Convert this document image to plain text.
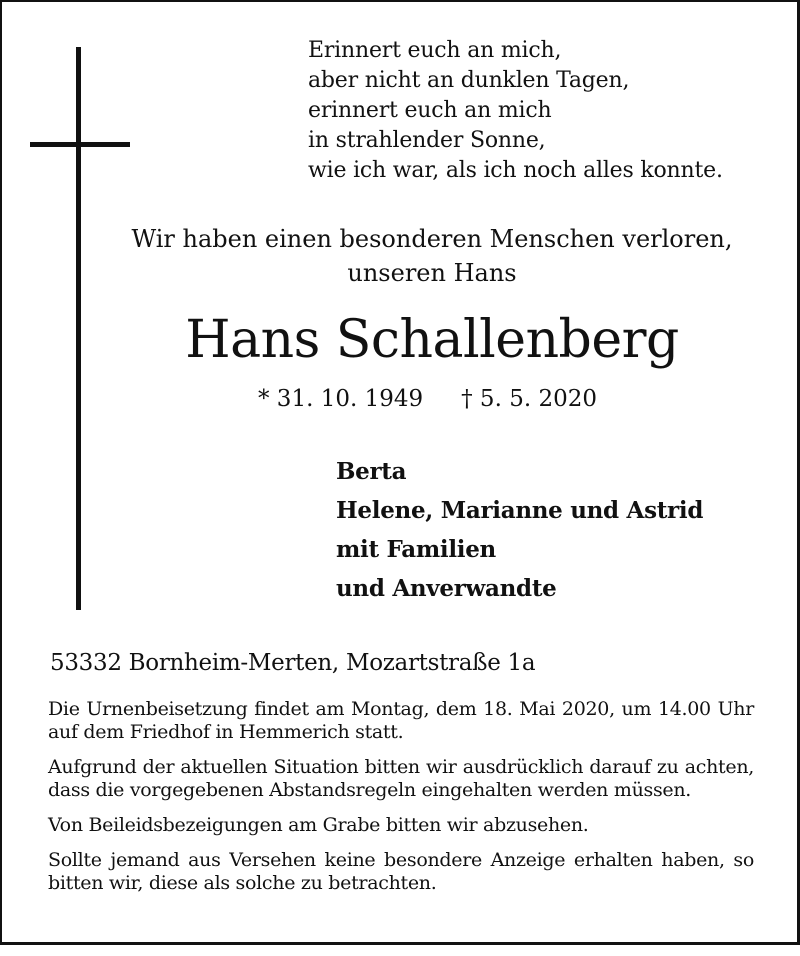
Erinnert euch an mich,
aber nicht an dunklen Tagen,
erinnert euch an mich
in strahlender Sonne,
wie ich war, als ich noch alles konnte.
Wir haben einen besonderen Menschen verloren,
unseren Hans
Hans Schallenberg
* 31. 10. 1949 † 5. 5. 2020
Berta
Helene, Marianne und Astrid
mit Familien
und Anverwandte
53332 Bornheim-Merten, Mozartstraße 1a

Die Urnenbeisetzung findet am Montag, dem 18. Mai 2020, um 14.00 Uhr auf dem Friedhof in Hemmerich statt.

Aufgrund der aktuellen Situation bitten wir ausdrücklich darauf zu achten, dass die vorgegebenen Abstandsregeln eingehalten werden müssen.

Von Beileidsbezeigungen am Grabe bitten wir abzusehen.

Sollte jemand aus Versehen keine besondere Anzeige erhalten haben, so bitten wir, diese als solche zu betrachten.
